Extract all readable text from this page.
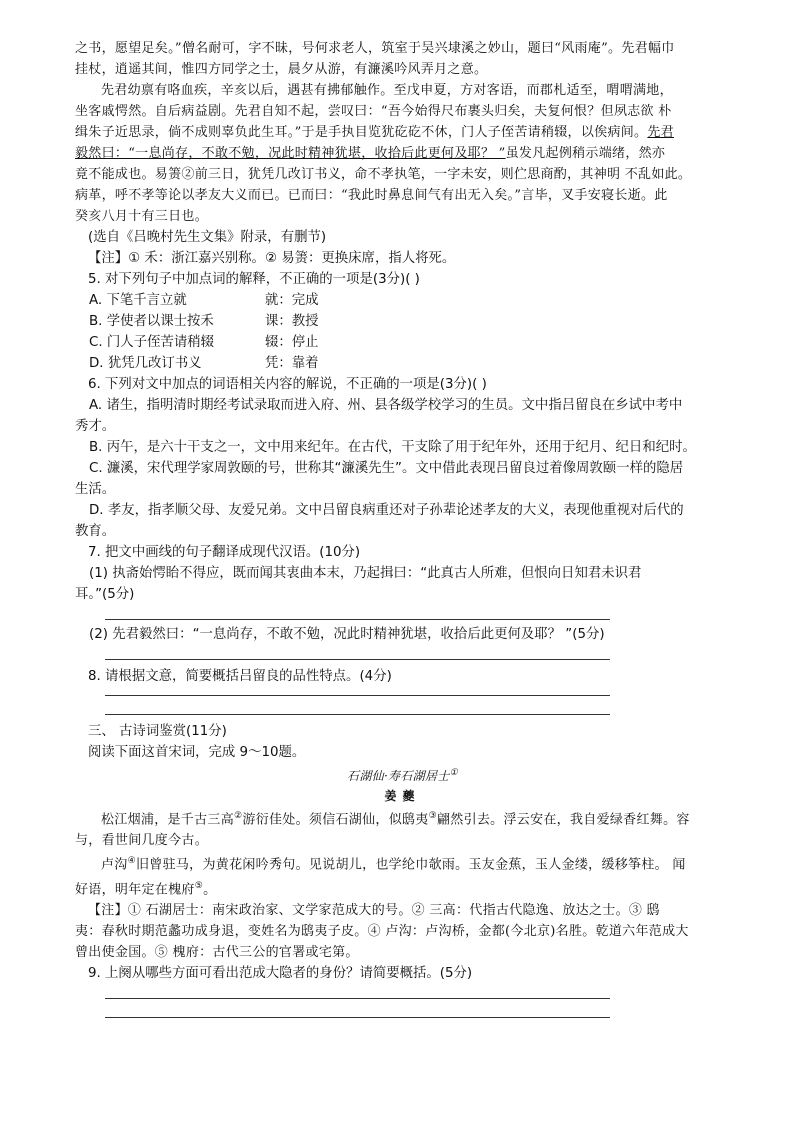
之书，愿望足矣。”僧名耐可，字不昧，号何求老人，筑室于吴兴埭溪之妙山，题曰“风雨庵”。先君幅巾

挂杖，逍遥其间，惟四方同学之士，晨夕从游，有濂溪吟风弄月之意。

先君幼禀有咯血疾，辛亥以后，遇甚有拂郁触作。至戊申夏，方对客语，而郡札适至，喟喟满地，

坐客戚愕然。自后病益剧。先君自知不起，尝叹曰：“吾今始得尺布裹头归矣，夫复何恨？但夙志欲 朴

缉朱子近思录，倘不成则辜负此生耳。”于是手执目览犹矻矻不休，门人子侄苦请稍辍，以俟病间。先君

毅然曰：“一息尚存，不敢不勉，况此时精神犹堪，收拾后此更何及耶？ ”虽发凡起例稍示端绪，然亦

竟不能成也。易箦②前三日，犹凭几改订书义，命不孝执笔，一字未安，则伫思商酌，其神明 不乱如此。

病革，呼不孝等论以孝友大义而已。已而曰：“我此时鼻息间气有出无入矣。”言毕，叉手安寝长逝。此

癸亥八月十有三日也。

(选自《吕晚村先生文集》附录，有删节)

【注】① 禾：浙江嘉兴别称。② 易箦：更换床席，指人将死。

5. 对下列句子中加点词的解释，不正确的一项是(3分)( )

A. 下笔千言立就	就：完成

B. 学使者以课士按禾	课：教授

C. 门人子侄苦请稍辍	辍：停止

D. 犹凭几改订书义	凭：靠着

6. 下列对文中加点的词语相关内容的解说，不正确的一项是(3分)( )

A. 诸生，指明清时期经考试录取而进入府、州、县各级学校学习的生员。文中指吕留良在乡试中考中

秀才。

B. 丙午，是六十干支之一，文中用来纪年。在古代，干支除了用于纪年外，还用于纪月、纪日和纪时。

C. 濂溪，宋代理学家周敦颐的号，世称其“濂溪先生”。文中借此表现吕留良过着像周敦颐一样的隐居

生活。

D. 孝友，指孝顺父母、友爱兄弟。文中吕留良病重还对子孙辈论述孝友的大义，表现他重视对后代的

教育。

7. 把文中画线的句子翻译成现代汉语。(10分)

(1) 执斋始愕眙不得应，既而闻其衷曲本末，乃起揖曰：“此真古人所难，但恨向日知君未识君

耳。”(5分)

(2) 先君毅然曰：“一息尚存，不敢不勉，况此时精神犹堪，收拾后此更何及耶？ ”(5分)

8. 请根据文意，简要概括吕留良的品性特点。(4分)

三、 古诗词鉴赏(11分)

阅读下面这首宋词，完成 9～10题。

石湖仙·寿石湖居士①

姜夔

松江烟浦，是千古三高②游衍佳处。须信石湖仙，似鸱夷③翩然引去。浮云安在，我自爱绿香红舞。容

与，看世间几度今古。

卢沟④旧曾驻马，为黄花闲吟秀句。见说胡儿，也学纶巾欹雨。玉友金蕉，玉人金缕，缓移筝柱。 闻

好语，明年定在槐府⑤。

【注】① 石湖居士：南宋政治家、文学家范成大的号。② 三高：代指古代隐逸、放达之士。③ 鸱

夷：春秋时期范蠡功成身退，变姓名为鸱夷子皮。④ 卢沟：卢沟桥，金都(今北京)名胜。乾道六年范成大

曾出使金国。⑤ 槐府：古代三公的官署或宅第。

9. 上阕从哪些方面可看出范成大隐者的身份？请简要概括。(5分)
